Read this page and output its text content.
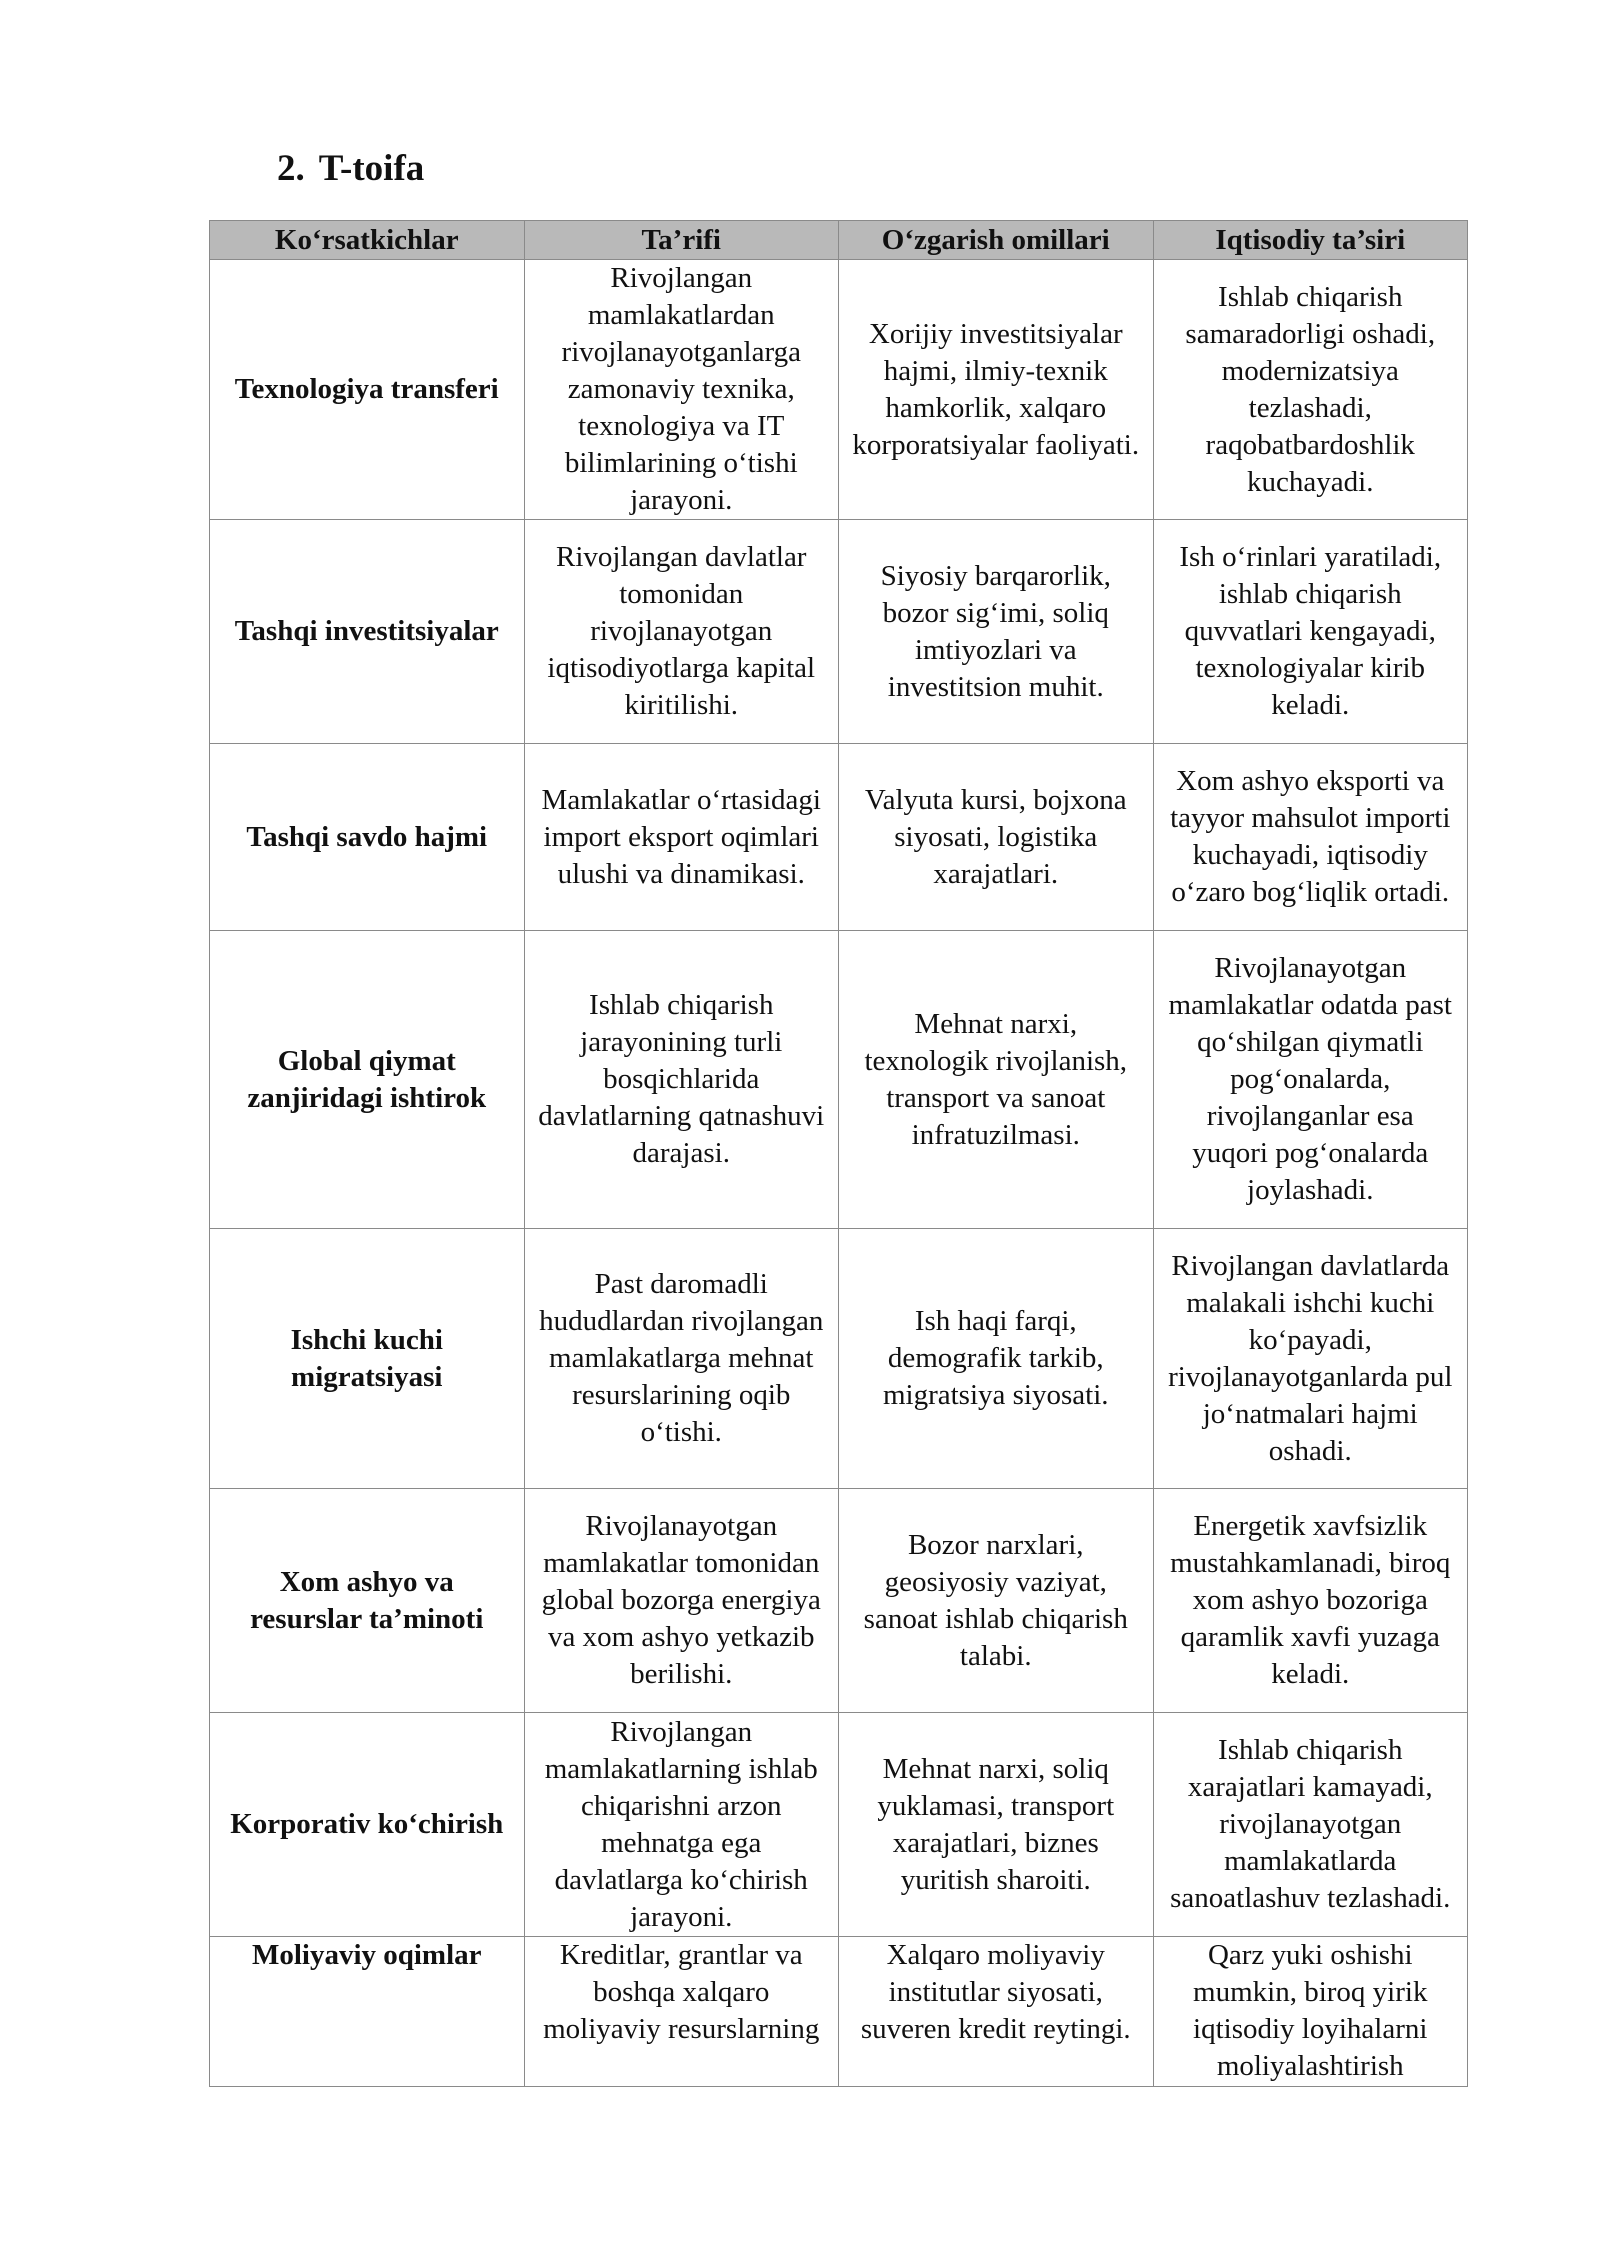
2. T-toifa
Ko‘rsatkichlar	Ta’rifi	O‘zgarish omillari	Iqtisodiy ta’siri
Texnologiya transferi	Rivojlangan mamlakatlardan rivojlanayotganlarga zamonaviy texnika, texnologiya va IT bilimlarining o‘tishi jarayoni.	Xorijiy investitsiyalar hajmi, ilmiy-texnik hamkorlik, xalqaro korporatsiyalar faoliyati.	Ishlab chiqarish samaradorligi oshadi, modernizatsiya tezlashadi, raqobatbardoshlik kuchayadi.
Tashqi investitsiyalar	Rivojlangan davlatlar tomonidan rivojlanayotgan iqtisodiyotlarga kapital kiritilishi.	Siyosiy barqarorlik, bozor sig‘imi, soliq imtiyozlari va investitsion muhit.	Ish o‘rinlari yaratiladi, ishlab chiqarish quvvatlari kengayadi, texnologiyalar kirib keladi.
Tashqi savdo hajmi	Mamlakatlar o‘rtasidagi import eksport oqimlari ulushi va dinamikasi.	Valyuta kursi, bojxona siyosati, logistika xarajatlari.	Xom ashyo eksporti va tayyor mahsulot importi kuchayadi, iqtisodiy o‘zaro bog‘liqlik ortadi.
Global qiymat zanjiridagi ishtirok	Ishlab chiqarish jarayonining turli bosqichlarida davlatlarning qatnashuvi darajasi.	Mehnat narxi, texnologik rivojlanish, transport va sanoat infratuzilmasi.	Rivojlanayotgan mamlakatlar odatda past qo‘shilgan qiymatli pog‘onalarda, rivojlanganlar esa yuqori pog‘onalarda joylashadi.
Ishchi kuchi migratsiyasi	Past daromadli hududlardan rivojlangan mamlakatlarga mehnat resurslarining oqib o‘tishi.	Ish haqi farqi, demografik tarkib, migratsiya siyosati.	Rivojlangan davlatlarda malakali ishchi kuchi ko‘payadi, rivojlanayotganlarda pul jo‘natmalari hajmi oshadi.
Xom ashyo va resurslar ta’minoti	Rivojlanayotgan mamlakatlar tomonidan global bozorga energiya va xom ashyo yetkazib berilishi.	Bozor narxlari, geosiyosiy vaziyat, sanoat ishlab chiqarish talabi.	Energetik xavfsizlik mustahkamlanadi, biroq xom ashyo bozoriga qaramlik xavfi yuzaga keladi.
Korporativ ko‘chirish	Rivojlangan mamlakatlarning ishlab chiqarishni arzon mehnatga ega davlatlarga ko‘chirish jarayoni.	Mehnat narxi, soliq yuklamasi, transport xarajatlari, biznes yuritish sharoiti.	Ishlab chiqarish xarajatlari kamayadi, rivojlanayotgan mamlakatlarda sanoatlashuv tezlashadi.
Moliyaviy oqimlar	Kreditlar, grantlar va boshqa xalqaro moliyaviy resurslarning	Xalqaro moliyaviy institutlar siyosati, suveren kredit reytingi.	Qarz yuki oshishi mumkin, biroq yirik iqtisodiy loyihalarni moliyalashtirish
